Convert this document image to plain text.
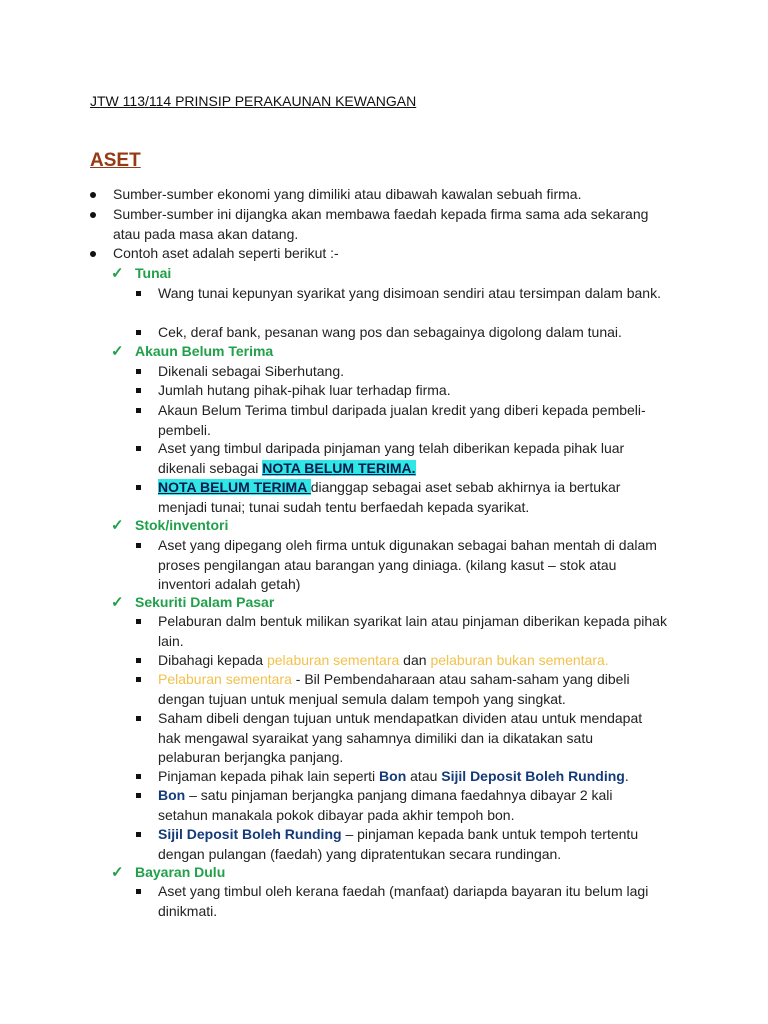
JTW 113/114 PRINSIP PERAKAUNAN KEWANGAN
ASET
Sumber-sumber ekonomi yang dimiliki atau dibawah kawalan sebuah firma.
Sumber-sumber ini dijangka akan membawa faedah kepada firma sama ada sekarang atau pada masa akan datang.
Contoh aset adalah seperti berikut :-
✓ Tunai
Wang tunai kepunyan syarikat yang disimoan sendiri atau tersimpan dalam bank.
Cek, deraf bank, pesanan wang pos dan sebagainya digolong dalam tunai.
✓ Akaun Belum Terima
Dikenali sebagai Siberhutang.
Jumlah hutang pihak-pihak luar terhadap firma.
Akaun Belum Terima timbul daripada jualan kredit yang diberi kepada pembeli-pembeli.
Aset yang timbul daripada pinjaman yang telah diberikan kepada pihak luar dikenali sebagai NOTA BELUM TERIMA.
NOTA BELUM TERIMA dianggap sebagai aset sebab akhirnya ia bertukar menjadi tunai; tunai sudah tentu berfaedah kepada syarikat.
✓ Stok/inventori
Aset yang dipegang oleh firma untuk digunakan sebagai bahan mentah di dalam proses pengilangan atau barangan yang diniaga. (kilang kasut – stok atau inventori adalah getah)
✓ Sekuriti Dalam Pasar
Pelaburan dalm bentuk milikan syarikat lain atau pinjaman diberikan kepada pihak lain.
Dibahagi kepada pelaburan sementara dan pelaburan bukan sementara.
Pelaburan sementara - Bil Pembendaharaan atau saham-saham yang dibeli dengan tujuan untuk menjual semula dalam tempoh yang singkat.
Saham dibeli dengan tujuan untuk mendapatkan dividen atau untuk mendapat hak mengawal syaraikat yang sahamnya dimiliki dan ia dikatakan satu pelaburan berjangka panjang.
Pinjaman kepada pihak lain seperti Bon atau Sijil Deposit Boleh Runding.
Bon – satu pinjaman berjangka panjang dimana faedahnya dibayar 2 kali setahun manakala pokok dibayar pada akhir tempoh bon.
Sijil Deposit Boleh Runding – pinjaman kepada bank untuk tempoh tertentu dengan pulangan (faedah) yang dipratentukan secara rundingan.
✓ Bayaran Dulu
Aset yang timbul oleh kerana faedah (manfaat) dariapda bayaran itu belum lagi dinikmati.
